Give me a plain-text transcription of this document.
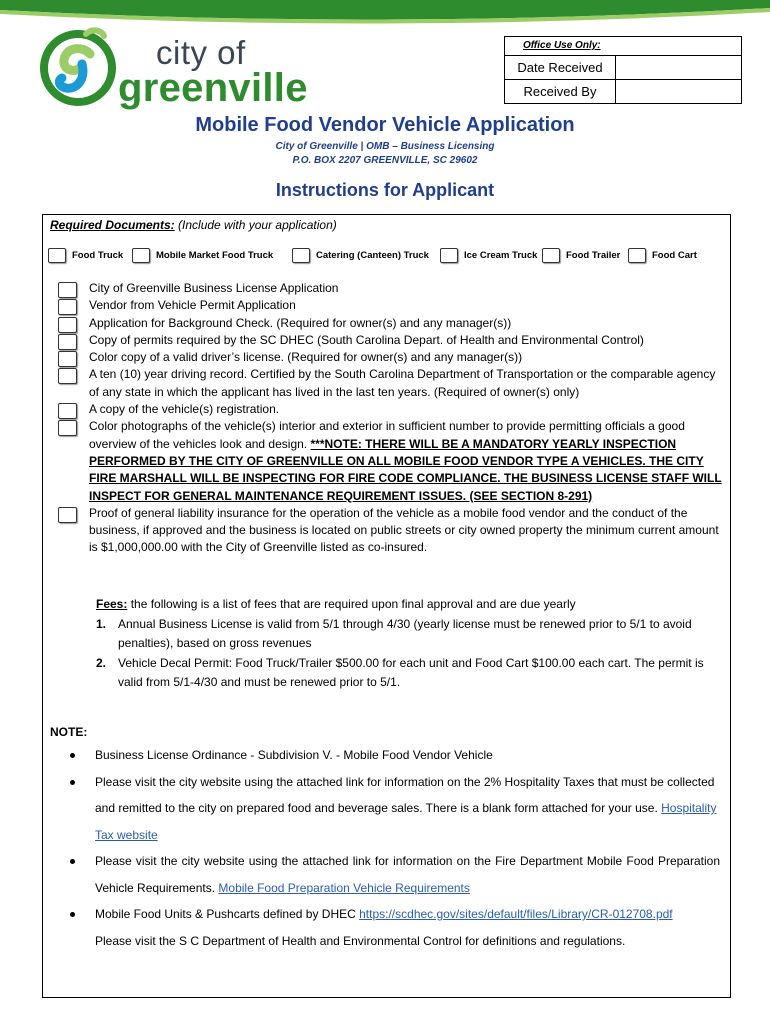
city of
greenville
Office Use Only:
Date Received
Received By
Mobile Food Vendor Vehicle Application
City of Greenville | OMB – Business Licensing
P.O. BOX 2207 GREENVILLE, SC 29602
Instructions for Applicant
Required Documents: (Include with your application)
Food Truck	Mobile Market Food Truck	Catering (Canteen) Truck	Ice Cream Truck	Food Trailer	Food Cart
City of Greenville Business License Application
Vendor from Vehicle Permit Application
Application for Background Check. (Required for owner(s) and any manager(s))
Copy of permits required by the SC DHEC (South Carolina Depart. of Health and Environmental Control)
Color copy of a valid driver’s license. (Required for owner(s) and any manager(s))
A ten (10) year driving record. Certified by the South Carolina Department of Transportation or the comparable agency of any state in which the applicant has lived in the last ten years. (Required of owner(s) only)
A copy of the vehicle(s) registration.
Color photographs of the vehicle(s) interior and exterior in sufficient number to provide permitting officials a good overview of the vehicles look and design. ***NOTE: THERE WILL BE A MANDATORY YEARLY INSPECTION PERFORMED BY THE CITY OF GREENVILLE ON ALL MOBILE FOOD VENDOR TYPE A VEHICLES. THE CITY FIRE MARSHALL WILL BE INSPECTING FOR FIRE CODE COMPLIANCE. THE BUSINESS LICENSE STAFF WILL INSPECT FOR GENERAL MAINTENANCE REQUIREMENT ISSUES. (SEE SECTION 8-291)
Proof of general liability insurance for the operation of the vehicle as a mobile food vendor and the conduct of the business, if approved and the business is located on public streets or city owned property the minimum current amount is $1,000,000.00 with the City of Greenville listed as co-insured.
Fees: the following is a list of fees that are required upon final approval and are due yearly
1. Annual Business License is valid from 5/1 through 4/30 (yearly license must be renewed prior to 5/1 to avoid penalties), based on gross revenues
2. Vehicle Decal Permit: Food Truck/Trailer $500.00 for each unit and Food Cart $100.00 each cart. The permit is valid from 5/1-4/30 and must be renewed prior to 5/1.
NOTE:
Business License Ordinance - Subdivision V. - Mobile Food Vendor Vehicle
Please visit the city website using the attached link for information on the 2% Hospitality Taxes that must be collected and remitted to the city on prepared food and beverage sales. There is a blank form attached for your use. Hospitality Tax website
Please visit the city website using the attached link for information on the Fire Department Mobile Food Preparation Vehicle Requirements. Mobile Food Preparation Vehicle Requirements
Mobile Food Units & Pushcarts defined by DHEC https://scdhec.gov/sites/default/files/Library/CR-012708.pdf
Please visit the S C Department of Health and Environmental Control for definitions and regulations.
